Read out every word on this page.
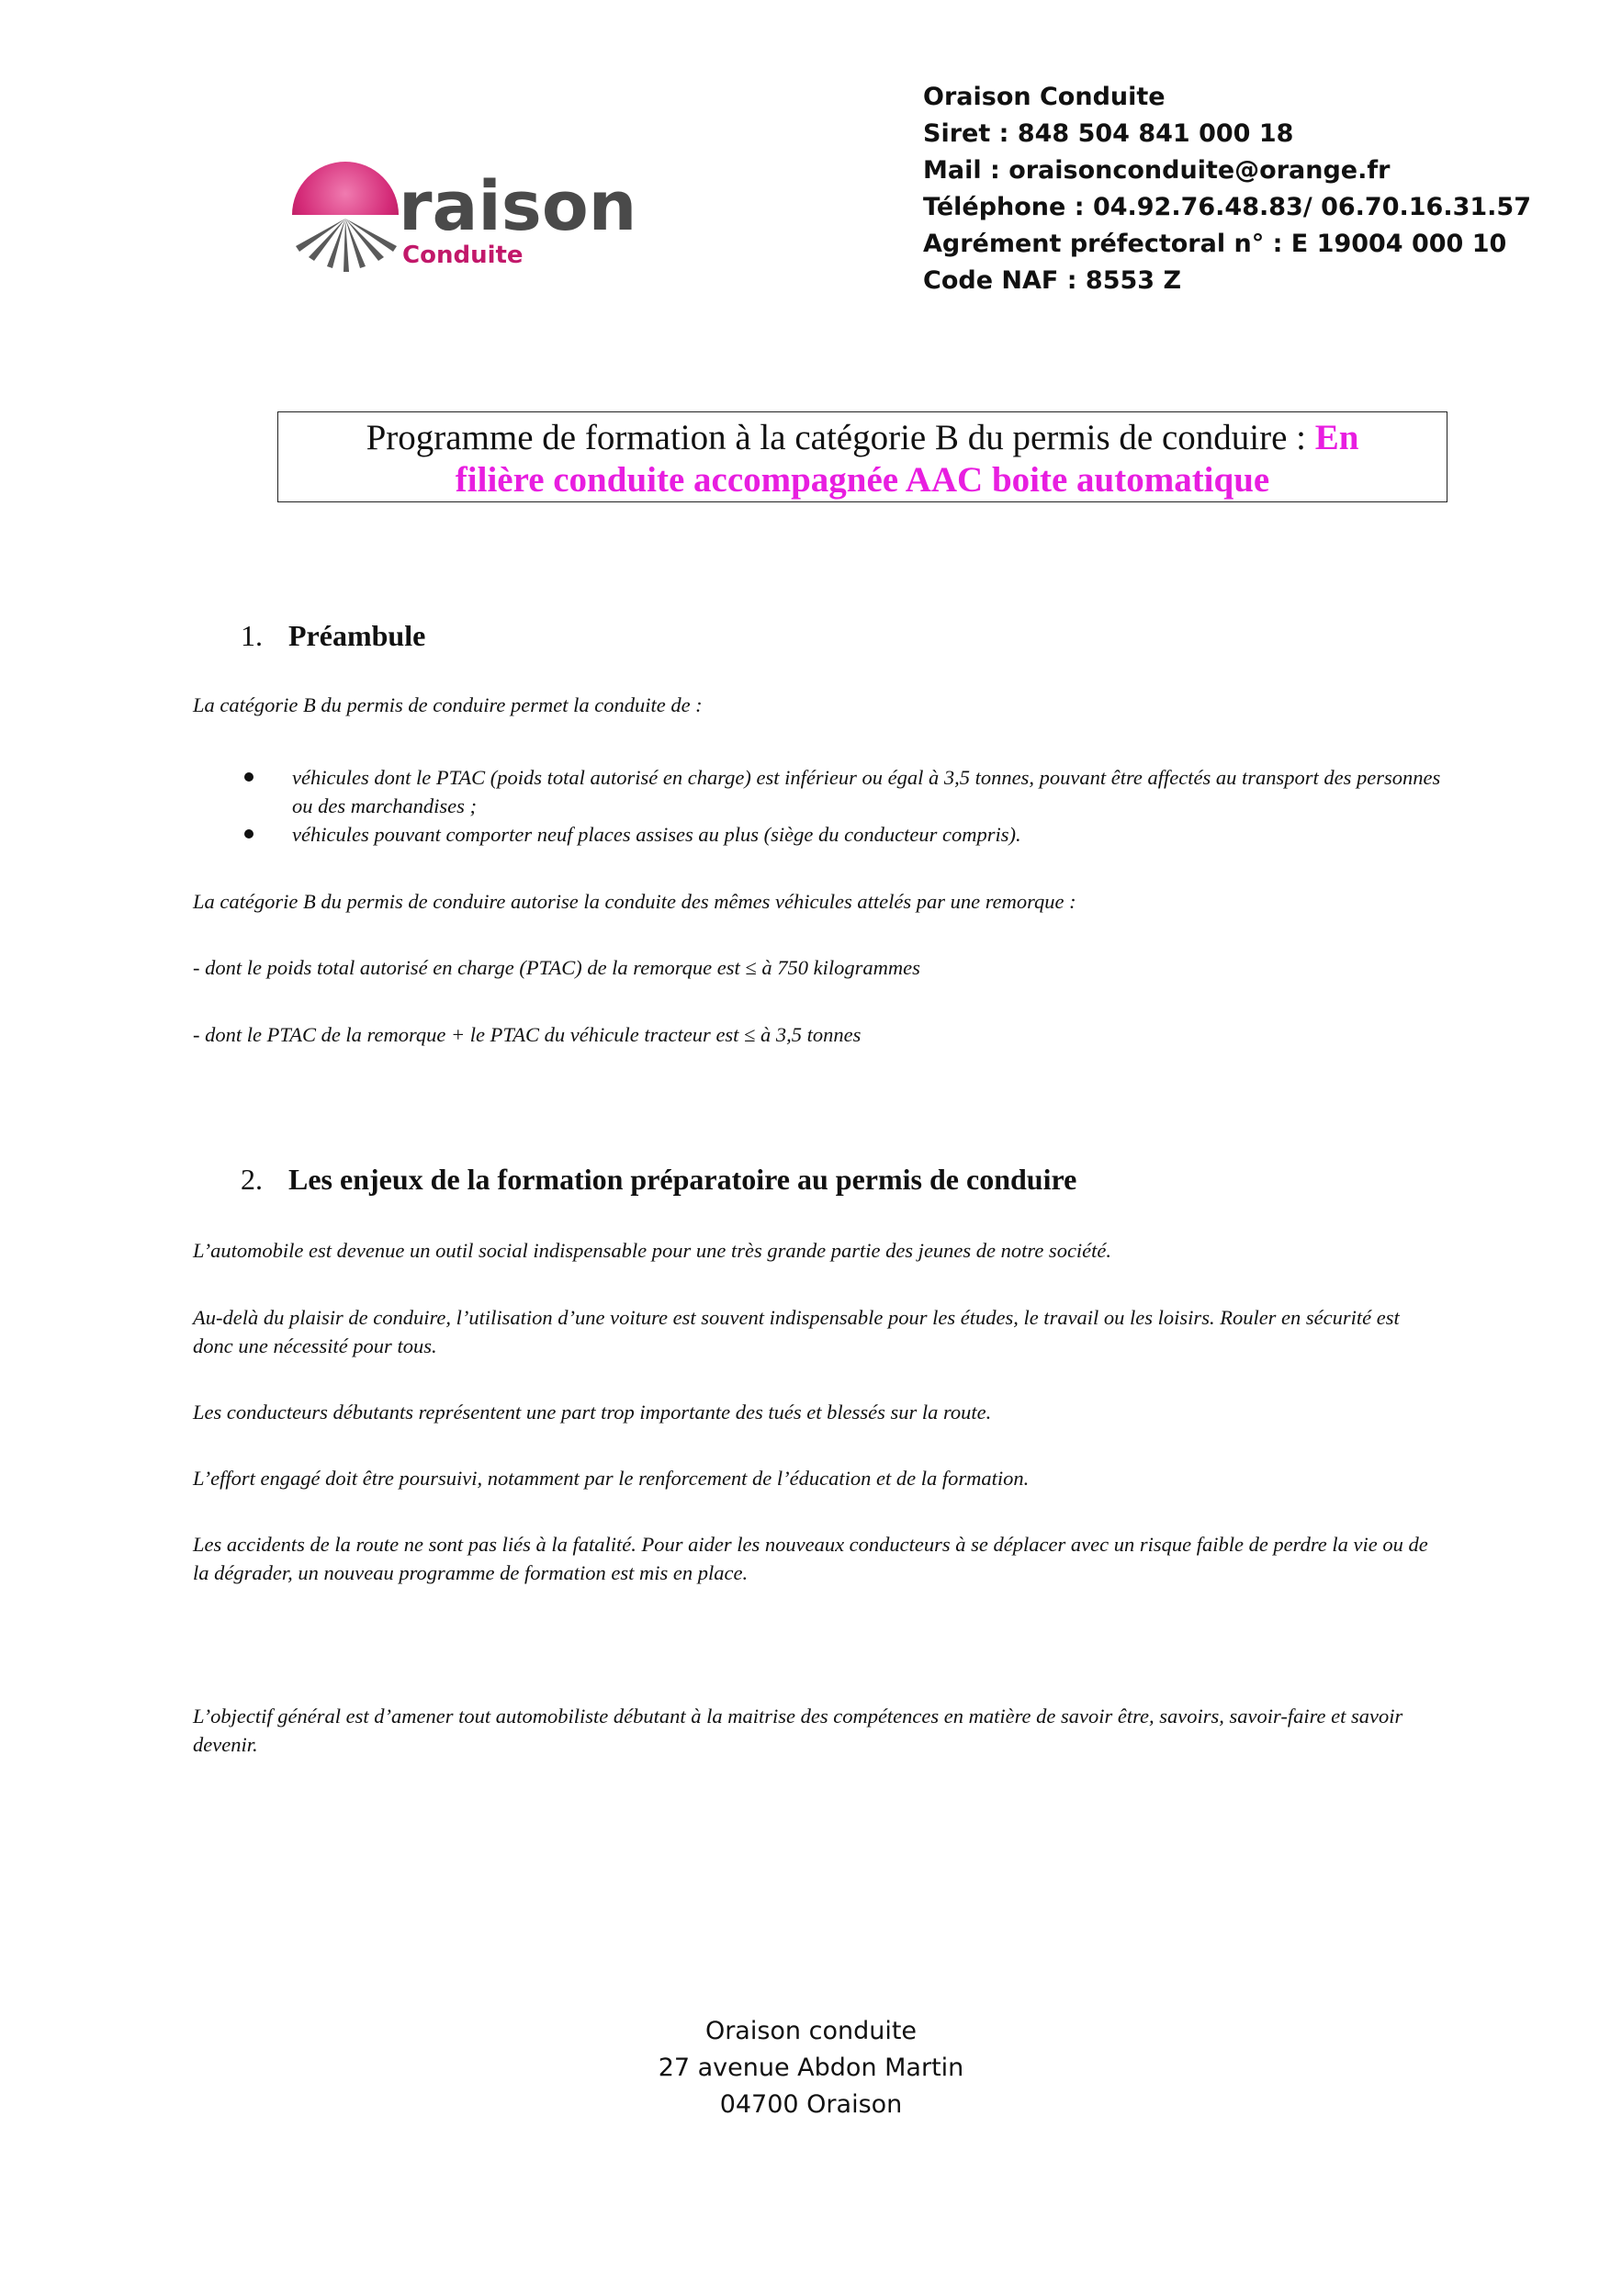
raison
Conduite
Oraison Conduite
Siret : 848 504 841 000 18
Mail : oraisonconduite@orange.fr
Téléphone : 04.92.76.48.83/ 06.70.16.31.57
Agrément préfectoral n° : E 19004 000 10
Code NAF : 8553 Z
Programme de formation à la catégorie B du permis de conduire : En
filière conduite accompagnée AAC boite automatique
1. Préambule

La catégorie B du permis de conduire permet la conduite de :

véhicules dont le PTAC (poids total autorisé en charge) est inférieur ou égal à 3,5 tonnes, pouvant être affectés au transport des personnes ou des marchandises ;
véhicules pouvant comporter neuf places assises au plus (siège du conducteur compris).

La catégorie B du permis de conduire autorise la conduite des mêmes véhicules attelés par une remorque :

- dont le poids total autorisé en charge (PTAC) de la remorque est ≤ à 750 kilogrammes

- dont le PTAC de la remorque + le PTAC du véhicule tracteur est ≤ à 3,5 tonnes

2. Les enjeux de la formation préparatoire au permis de conduire

L’automobile est devenue un outil social indispensable pour une très grande partie des jeunes de notre société.

Au-delà du plaisir de conduire, l’utilisation d’une voiture est souvent indispensable pour les études, le travail ou les loisirs. Rouler en sécurité est donc une nécessité pour tous.

Les conducteurs débutants représentent une part trop importante des tués et blessés sur la route.

L’effort engagé doit être poursuivi, notamment par le renforcement de l’éducation et de la formation.

Les accidents de la route ne sont pas liés à la fatalité. Pour aider les nouveaux conducteurs à se déplacer avec un risque faible de perdre la vie ou de la dégrader, un nouveau programme de formation est mis en place.

L’objectif général est d’amener tout automobiliste débutant à la maitrise des compétences en matière de savoir être, savoirs, savoir-faire et savoir devenir.

Oraison conduite
27 avenue Abdon Martin
04700 Oraison
